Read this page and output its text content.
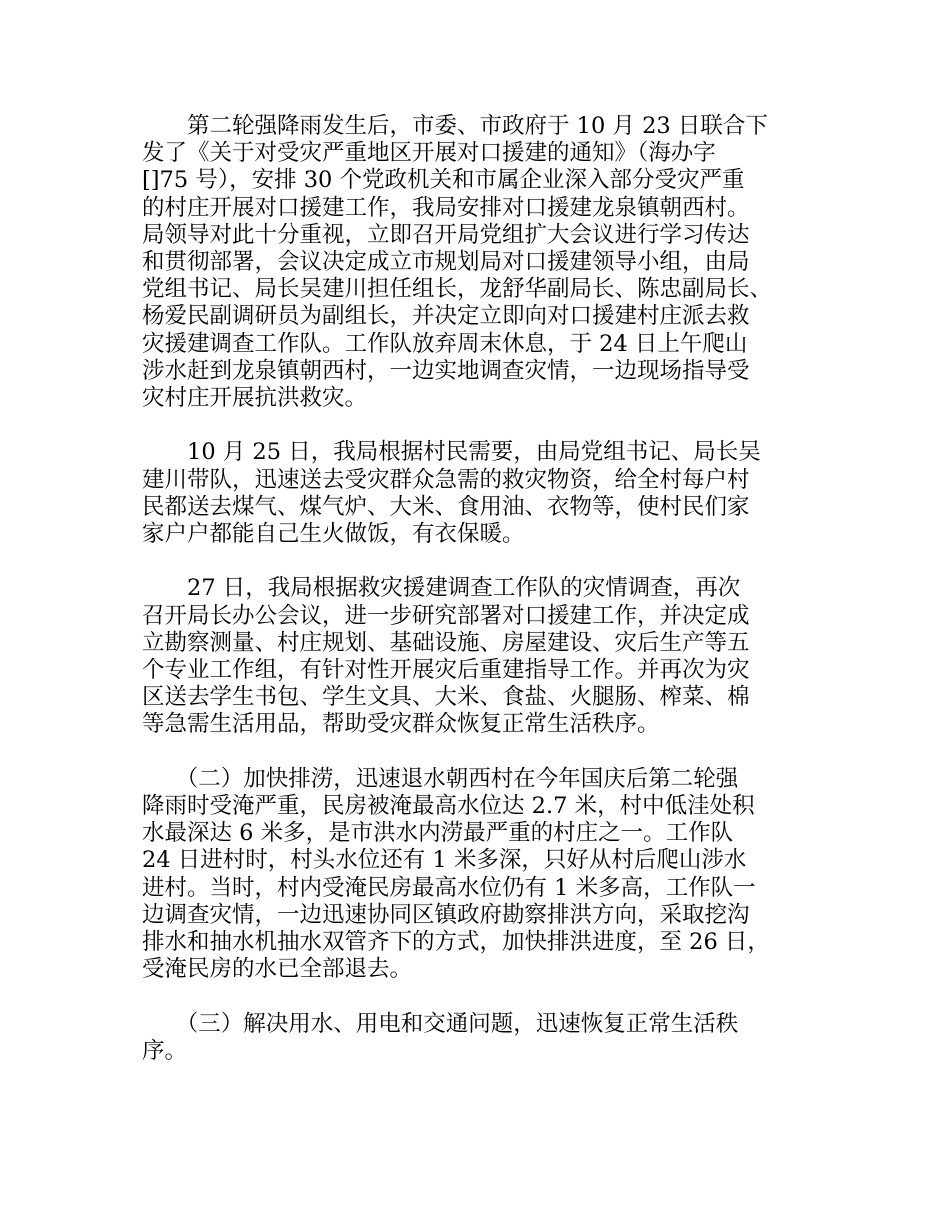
　　第二轮强降雨发生后，市委、市政府于 10 月 23 日联合下
发了《关于对受灾严重地区开展对口援建的通知》（海办字
[]75 号），安排 30 个党政机关和市属企业深入部分受灾严重
的村庄开展对口援建工作，我局安排对口援建龙泉镇朝西村。
局领导对此十分重视，立即召开局党组扩大会议进行学习传达
和贯彻部署，会议决定成立市规划局对口援建领导小组，由局
党组书记、局长吴建川担任组长，龙舒华副局长、陈忠副局长、
杨爱民副调研员为副组长，并决定立即向对口援建村庄派去救
灾援建调查工作队。工作队放弃周末休息，于 24 日上午爬山
涉水赶到龙泉镇朝西村，一边实地调查灾情，一边现场指导受
灾村庄开展抗洪救灾。

　　10 月 25 日，我局根据村民需要，由局党组书记、局长吴
建川带队，迅速送去受灾群众急需的救灾物资，给全村每户村
民都送去煤气、煤气炉、大米、食用油、衣物等，使村民们家
家户户都能自己生火做饭，有衣保暖。

　　27 日，我局根据救灾援建调查工作队的灾情调查，再次
召开局长办公会议，进一步研究部署对口援建工作，并决定成
立勘察测量、村庄规划、基础设施、房屋建设、灾后生产等五
个专业工作组，有针对性开展灾后重建指导工作。并再次为灾
区送去学生书包、学生文具、大米、食盐、火腿肠、榨菜、棉
等急需生活用品，帮助受灾群众恢复正常生活秩序。

　　（二）加快排涝，迅速退水朝西村在今年国庆后第二轮强
降雨时受淹严重，民房被淹最高水位达 2.7 米，村中低洼处积
水最深达 6 米多，是市洪水内涝最严重的村庄之一。工作队
24 日进村时，村头水位还有 1 米多深，只好从村后爬山涉水
进村。当时，村内受淹民房最高水位仍有 1 米多高，工作队一
边调查灾情，一边迅速协同区镇政府勘察排洪方向，采取挖沟
排水和抽水机抽水双管齐下的方式，加快排洪进度，至 26 日，
受淹民房的水已全部退去。

　　（三）解决用水、用电和交通问题，迅速恢复正常生活秩
序。
